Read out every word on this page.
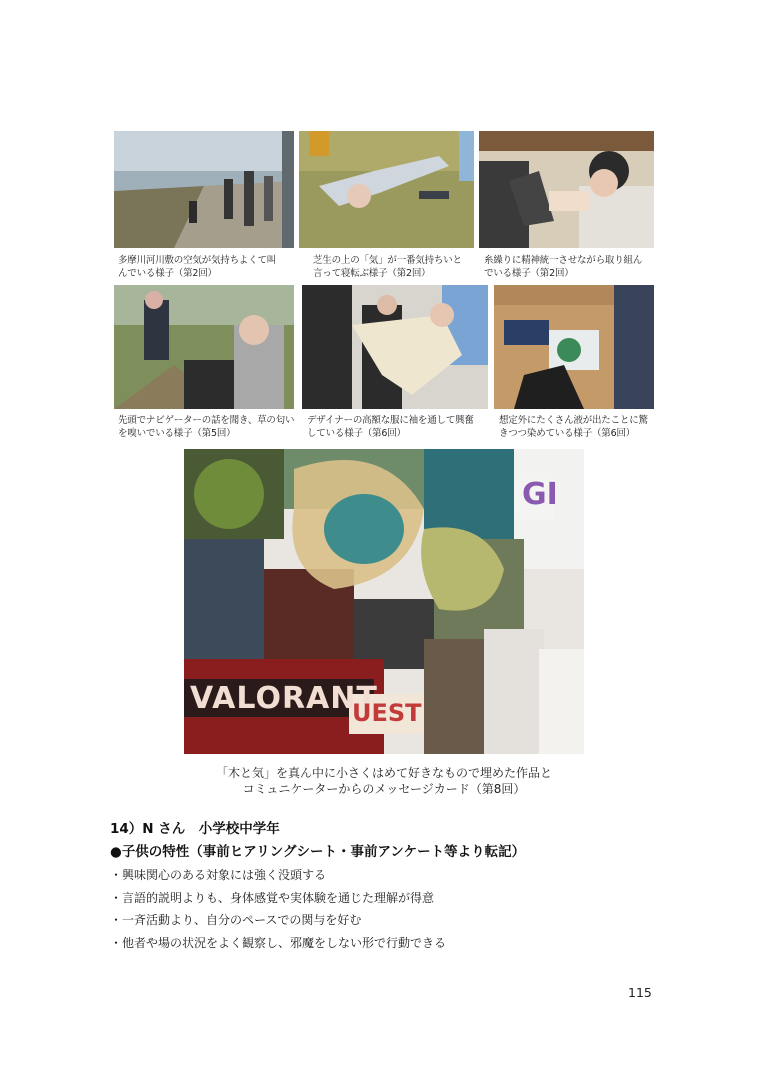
多摩川河川敷の空気が気持ちよくて叫
んでいる様子（第2回）
芝生の上の「気」が一番気持ちいと
言って寝転ぶ様子（第2回）
糸繰りに精神統一させながら取り組ん
でいる様子（第2回）
先頭でナビゲーターの話を聞き、草の匂い
を嗅いでいる様子（第5回）
デザイナーの高額な服に袖を通して興奮
している様子（第6回）
想定外にたくさん液が出たことに驚
きつつ染めている様子（第6回）
VALORANT
UEST
GI
「木と気」を真ん中に小さくはめて好きなもので埋めた作品と
コミュニケーターからのメッセージカード（第8回）
14）N さん　小学校中学年
●子供の特性（事前ヒアリングシート・事前アンケート等より転記）
・興味関心のある対象には強く没頭する
・言語的説明よりも、身体感覚や実体験を通じた理解が得意
・一斉活動より、自分のペースでの関与を好む
・他者や場の状況をよく観察し、邪魔をしない形で行動できる
115
